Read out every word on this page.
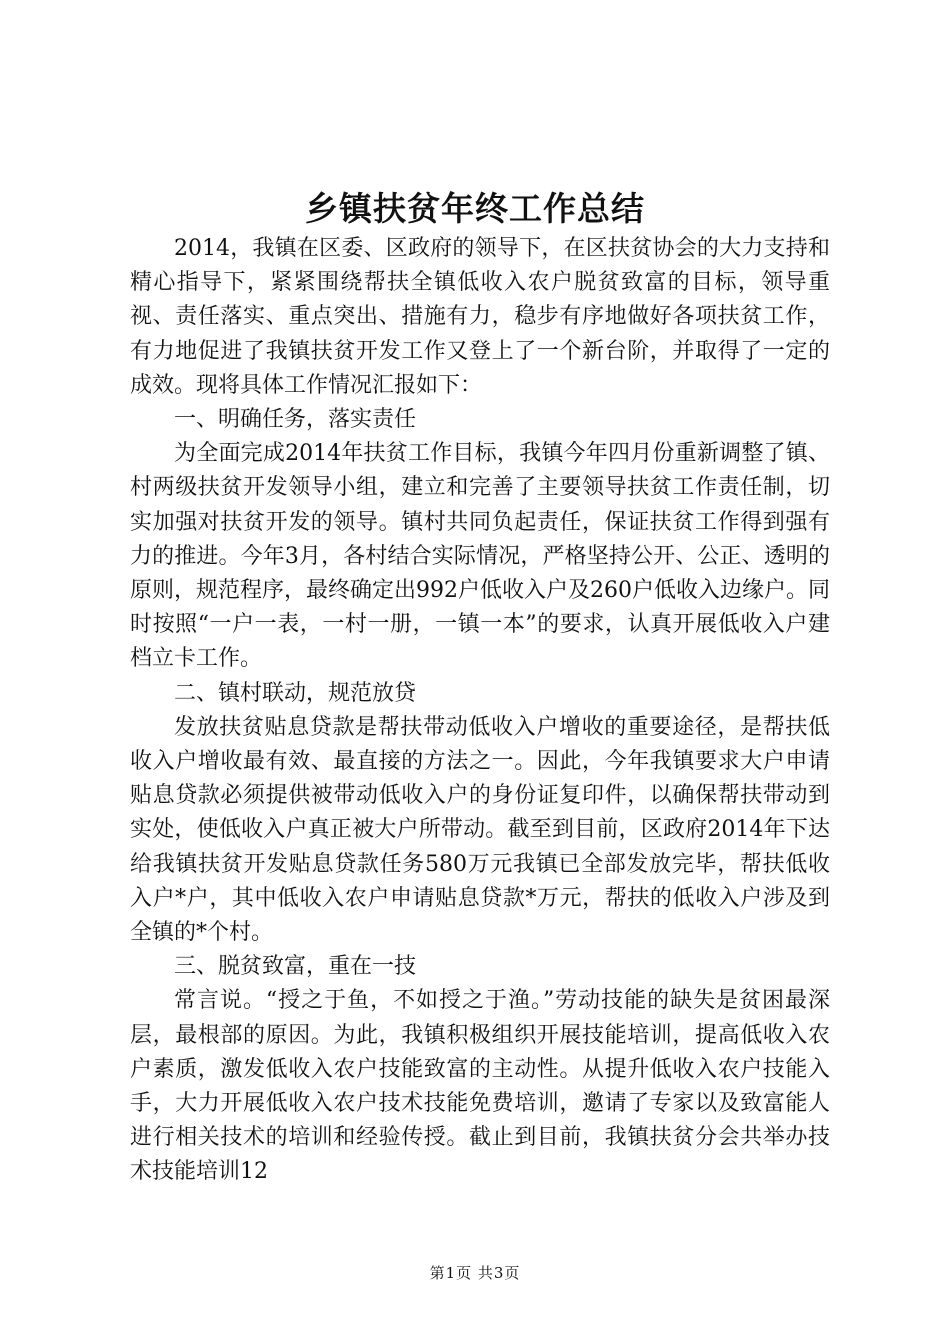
乡镇扶贫年终工作总结

2014，我镇在区委、区政府的领导下，在区扶贫协会的大力支持和精心指导下，紧紧围绕帮扶全镇低收入农户脱贫致富的目标，领导重视、责任落实、重点突出、措施有力，稳步有序地做好各项扶贫工作，有力地促进了我镇扶贫开发工作又登上了一个新台阶，并取得了一定的成效。现将具体工作情况汇报如下：

一、明确任务，落实责任

为全面完成2014年扶贫工作目标，我镇今年四月份重新调整了镇、村两级扶贫开发领导小组，建立和完善了主要领导扶贫工作责任制，切实加强对扶贫开发的领导。镇村共同负起责任，保证扶贫工作得到强有力的推进。今年3月，各村结合实际情况，严格坚持公开、公正、透明的原则，规范程序，最终确定出992户低收入户及260户低收入边缘户。同时按照“一户一表，一村一册，一镇一本”的要求，认真开展低收入户建档立卡工作。

二、镇村联动，规范放贷

发放扶贫贴息贷款是帮扶带动低收入户增收的重要途径，是帮扶低收入户增收最有效、最直接的方法之一。因此，今年我镇要求大户申请贴息贷款必须提供被带动低收入户的身份证复印件，以确保帮扶带动到实处，使低收入户真正被大户所带动。截至到目前，区政府2014年下达给我镇扶贫开发贴息贷款任务580万元我镇已全部发放完毕，帮扶低收入户*户，其中低收入农户申请贴息贷款*万元，帮扶的低收入户涉及到全镇的*个村。

三、脱贫致富，重在一技

常言说。“授之于鱼，不如授之于渔。”劳动技能的缺失是贫困最深层，最根部的原因。为此，我镇积极组织开展技能培训，提高低收入农户素质，激发低收入农户技能致富的主动性。从提升低收入农户技能入手，大力开展低收入农户技术技能免费培训，邀请了专家以及致富能人进行相关技术的培训和经验传授。截止到目前，我镇扶贫分会共举办技术技能培训12

第1页 共3页
